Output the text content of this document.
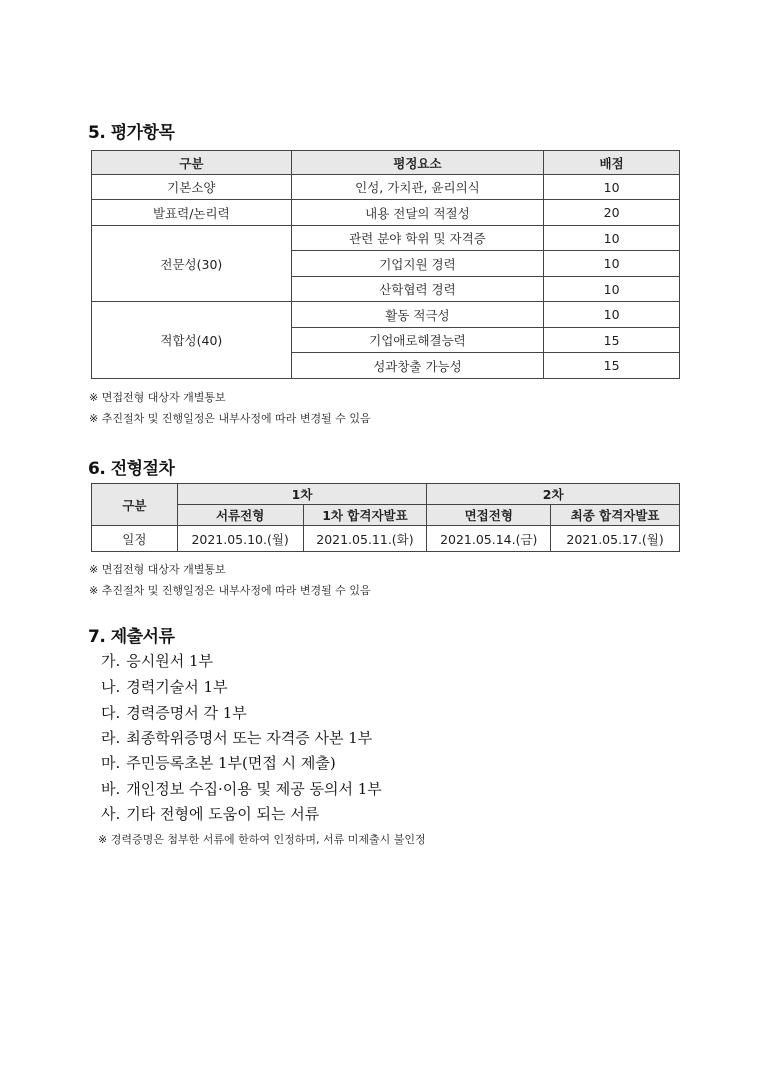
5. 평가항목
구분	평정요소	배점
기본소양	인성, 가치관, 윤리의식	10
발표력/논리력	내용 전달의 적절성	20
전문성(30)	관련 분야 학위 및 자격증	10
	기업지원 경력	10
	산학협력 경력	10
적합성(40)	활동 적극성	10
	기업애로해결능력	15
	성과창출 가능성	15

※ 면접전형 대상자 개별통보

※ 추진절차 및 진행일정은 내부사정에 따라 변경될 수 있음

6. 전형절차
구분	1차		2차	
	서류전형	1차 합격자발표	면접전형	최종 합격자발표
일정	2021.05.10.(월)	2021.05.11.(화)	2021.05.14.(금)	2021.05.17.(월)

※ 면접전형 대상자 개별통보

※ 추진절차 및 진행일정은 내부사정에 따라 변경될 수 있음

7. 제출서류

가. 응시원서 1부

나. 경력기술서 1부

다. 경력증명서 각 1부

라. 최종학위증명서 또는 자격증 사본 1부

마. 주민등록초본 1부(면접 시 제출)

바. 개인정보 수집·이용 및 제공 동의서 1부

사. 기타 전형에 도움이 되는 서류

※ 경력증명은 첨부한 서류에 한하여 인정하며, 서류 미제출시 불인정
